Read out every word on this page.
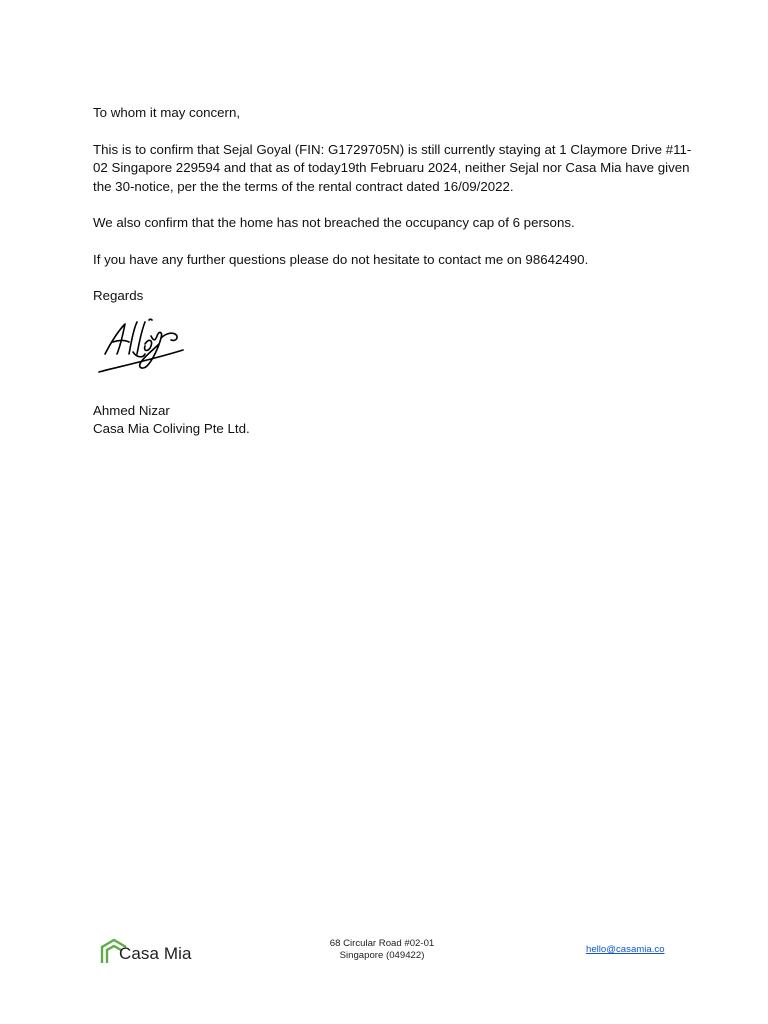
To whom it may concern,

This is to confirm that Sejal Goyal (FIN: G1729705N) is still currently staying at 1 Claymore Drive #11-02 Singapore 229594 and that as of today19th Februaru 2024, neither Sejal nor Casa Mia have given the 30-notice, per the the terms of the rental contract dated 16/09/2022.

We also confirm that the home has not breached the occupancy cap of 6 persons.

If you have any further questions please do not hesitate to contact me on 98642490.

Regards

Ahmed Nizar
Casa Mia Coliving Pte Ltd.
Casa Mia
68 Circular Road #02-01
Singapore (049422)	hello@casamia.co
